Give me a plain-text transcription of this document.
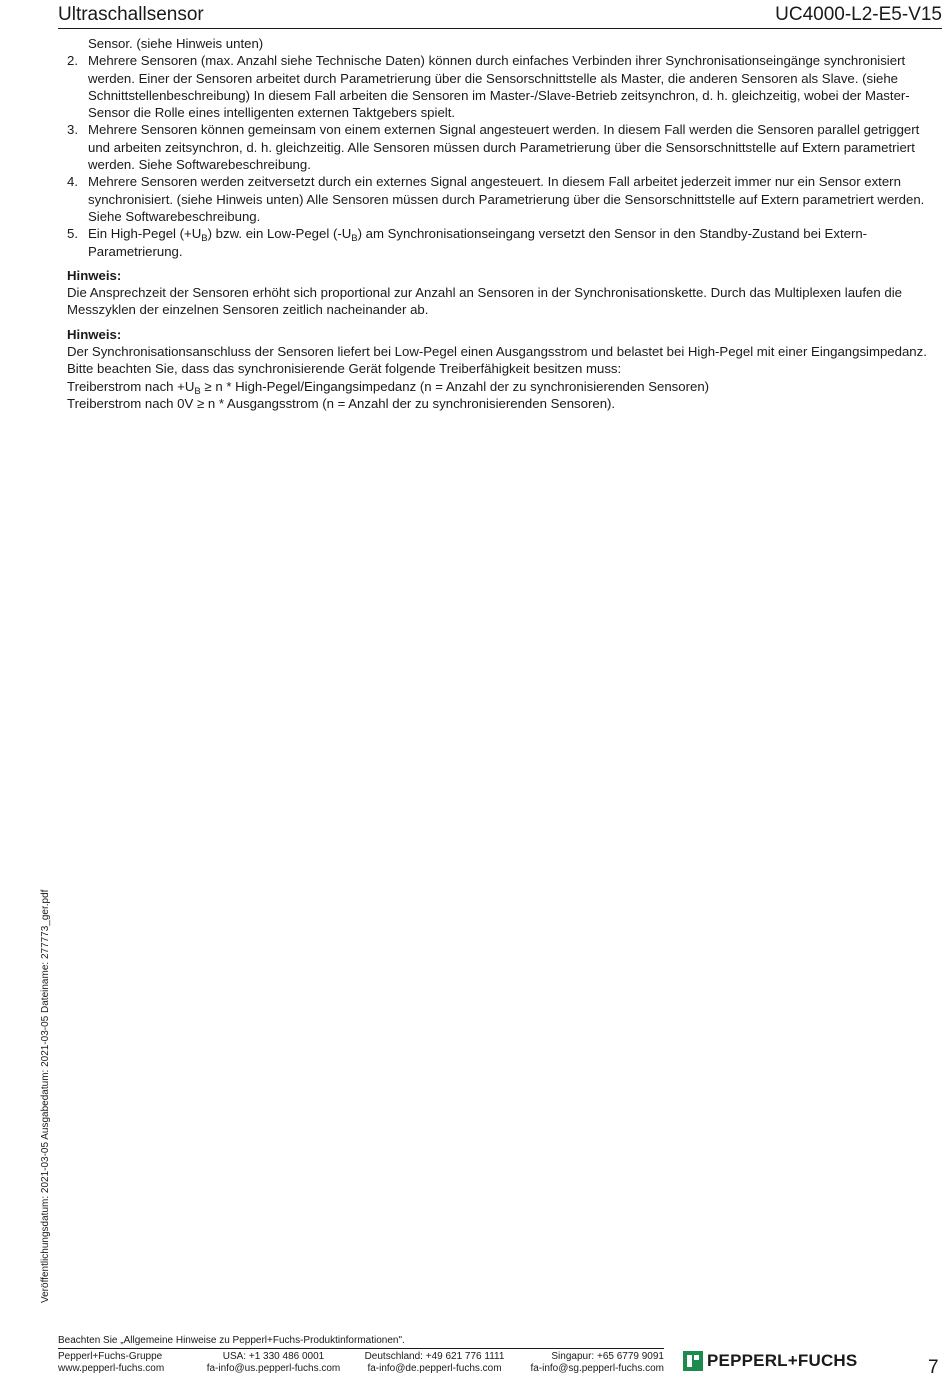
Ultraschallsensor	UC4000-L2-E5-V15

Sensor. (siehe Hinweis unten)

2. Mehrere Sensoren (max. Anzahl siehe Technische Daten) können durch einfaches Verbinden ihrer Synchronisationseingänge synchronisiert werden. Einer der Sensoren arbeitet durch Parametrierung über die Sensorschnittstelle als Master, die anderen Sensoren als Slave. (siehe Schnittstellenbeschreibung) In diesem Fall arbeiten die Sensoren im Master-/Slave-Betrieb zeitsynchron, d. h. gleichzeitig, wobei der Master-Sensor die Rolle eines intelligenten externen Taktgebers spielt.
3. Mehrere Sensoren können gemeinsam von einem externen Signal angesteuert werden. In diesem Fall werden die Sensoren parallel getriggert und arbeiten zeitsynchron, d. h. gleichzeitig. Alle Sensoren müssen durch Parametrierung über die Sensorschnittstelle auf Extern parametriert werden. Siehe Softwarebeschreibung.
4. Mehrere Sensoren werden zeitversetzt durch ein externes Signal angesteuert. In diesem Fall arbeitet jederzeit immer nur ein Sensor extern synchronisiert. (siehe Hinweis unten) Alle Sensoren müssen durch Parametrierung über die Sensorschnittstelle auf Extern parametriert werden. Siehe Softwarebeschreibung.
5. Ein High-Pegel $(+U_B)$ bzw. ein Low-Pegel $(-U_B)$ am Synchronisationseingang versetzt den Sensor in den Standby-Zustand bei Extern-Parametrierung.

Hinweis:

Die Ansprechzeit der Sensoren erhöht sich proportional zur Anzahl an Sensoren in der Synchronisationskette. Durch das Multiplexen laufen die Messzyklen der einzelnen Sensoren zeitlich nacheinander ab.

Hinweis:

Der Synchronisationsanschluss der Sensoren liefert bei Low-Pegel einen Ausgangsstrom und belastet bei High-Pegel mit einer Eingangsimpedanz. Bitte beachten Sie, dass das synchronisierende Gerät folgende Treiberfähigkeit besitzen muss:

Treiberstrom nach $+U_B \ge n$ * High-Pegel/Eingangsimpedanz (n = Anzahl der zu synchronisierenden Sensoren)

Treiberstrom nach 0V ≥ n * Ausgangsstrom (n = Anzahl der zu synchronisierenden Sensoren).

Veröffentlichungsdatum: 2021-03-05 Ausgabedatum: 2021-03-05 Dateiname: 277773_ger.pdf
Beachten Sie „Allgemeine Hinweise zu Pepperl+Fuchs-Produktinformationen".
Pepperl+Fuchs-Gruppe
www.pepperl-fuchs.com
USA: +1 330 486 0001
fa-info@us.pepperl-fuchs.com
Deutschland: +49 621 776 1111
fa-info@de.pepperl-fuchs.com
Singapur: +65 6779 9091
fa-info@sg.pepperl-fuchs.com	PEPPERL+FUCHS	7
